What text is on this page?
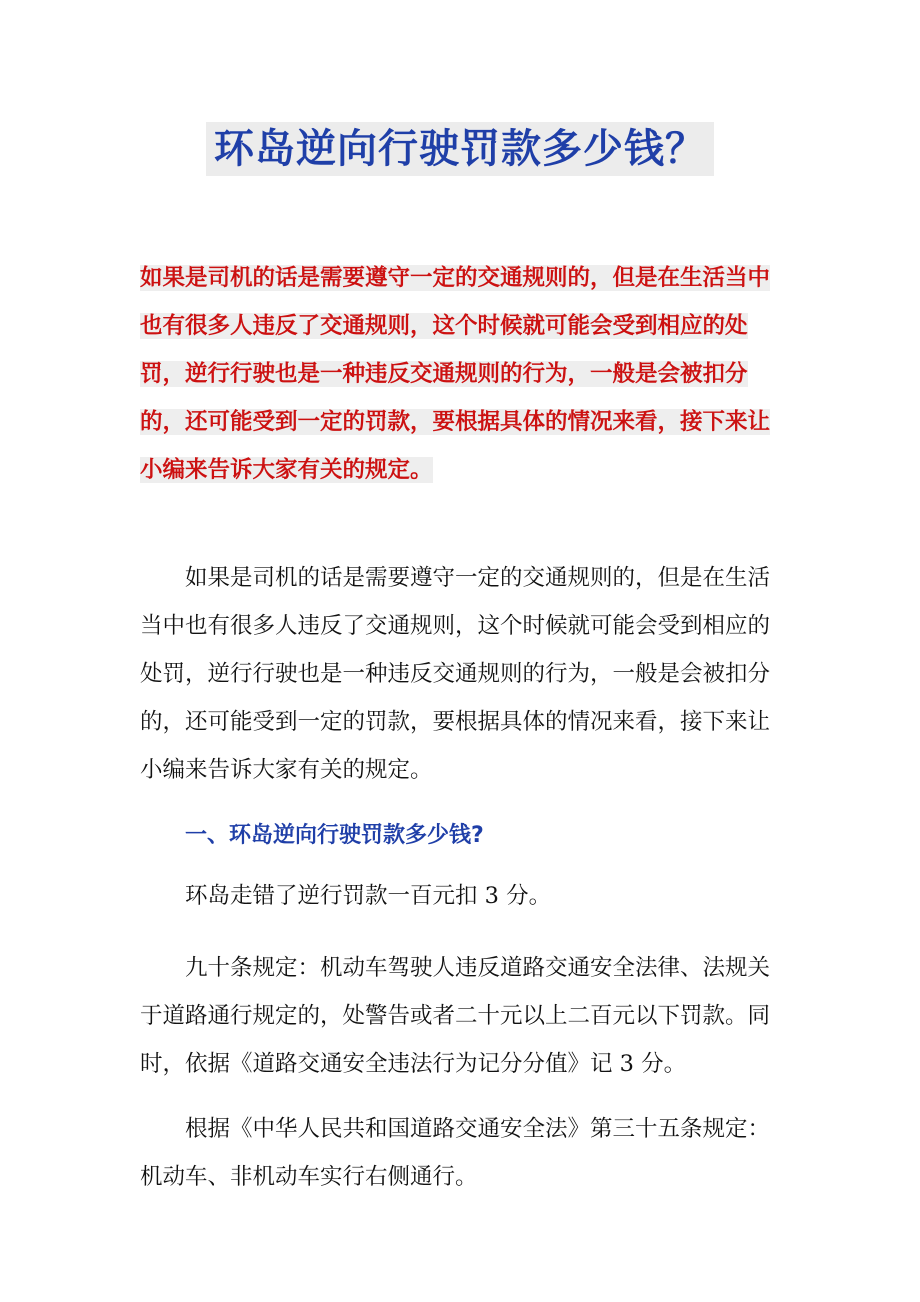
环岛逆向行驶罚款多少钱？

如果是司机的话是需要遵守一定的交通规则的，但是在生活当中也有很多人违反了交通规则，这个时候就可能会受到相应的处罚，逆行行驶也是一种违反交通规则的行为，一般是会被扣分的，还可能受到一定的罚款，要根据具体的情况来看，接下来让小编来告诉大家有关的规定。

如果是司机的话是需要遵守一定的交通规则的，但是在生活当中也有很多人违反了交通规则，这个时候就可能会受到相应的处罚，逆行行驶也是一种违反交通规则的行为，一般是会被扣分的，还可能受到一定的罚款，要根据具体的情况来看，接下来让小编来告诉大家有关的规定。

一、环岛逆向行驶罚款多少钱?

环岛走错了逆行罚款一百元扣 3 分。

九十条规定：机动车驾驶人违反道路交通安全法律、法规关于道路通行规定的，处警告或者二十元以上二百元以下罚款。同时，依据《道路交通安全违法行为记分分值》记 3 分。

根据《中华人民共和国道路交通安全法》第三十五条规定：机动车、非机动车实行右侧通行。
